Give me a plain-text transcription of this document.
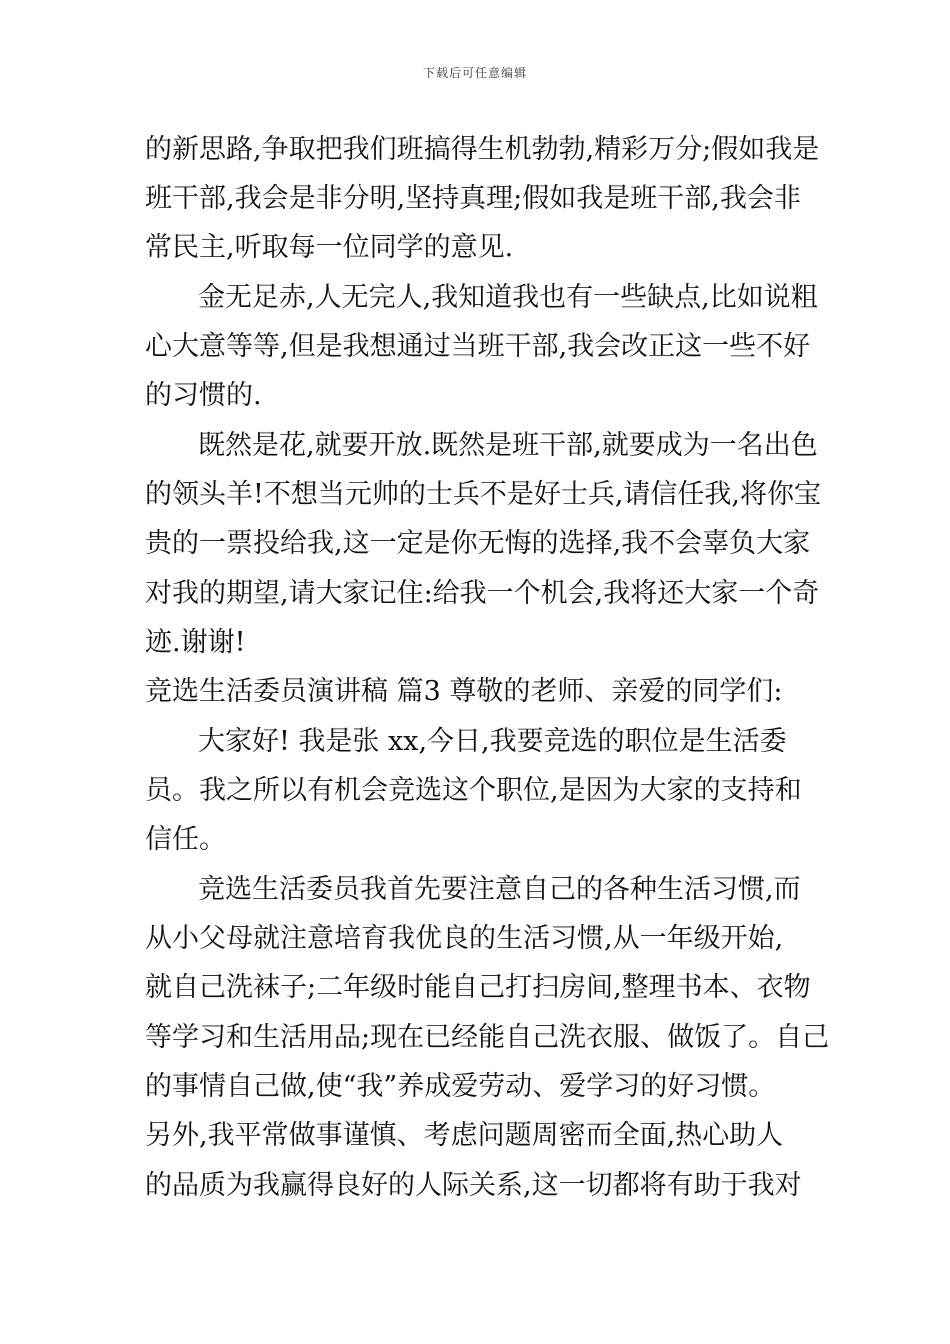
下载后可任意编辑
的新思路,争取把我们班搞得生机勃勃,精彩万分;假如我是
班干部,我会是非分明,坚持真理;假如我是班干部,我会非
常民主,听取每一位同学的意见.
金无足赤,人无完人,我知道我也有一些缺点,比如说粗
心大意等等,但是我想通过当班干部,我会改正这一些不好
的习惯的.
既然是花,就要开放.既然是班干部,就要成为一名出色
的领头羊!不想当元帅的士兵不是好士兵,请信任我,将你宝
贵的一票投给我,这一定是你无悔的选择,我不会辜负大家
对我的期望,请大家记住:给我一个机会,我将还大家一个奇
迹.谢谢!
竞选生活委员演讲稿 篇3 尊敬的老师、亲爱的同学们:
大家好! 我是张 xx,今日,我要竞选的职位是生活委
员。我之所以有机会竞选这个职位,是因为大家的支持和
信任。
竞选生活委员我首先要注意自己的各种生活习惯,而
从小父母就注意培育我优良的生活习惯,从一年级开始,
就自己洗袜子;二年级时能自己打扫房间,整理书本、衣物
等学习和生活用品;现在已经能自己洗衣服、做饭了。自己
的事情自己做,使“我”养成爱劳动、爱学习的好习惯。
另外,我平常做事谨慎、考虑问题周密而全面,热心助人
的品质为我赢得良好的人际关系,这一切都将有助于我对
